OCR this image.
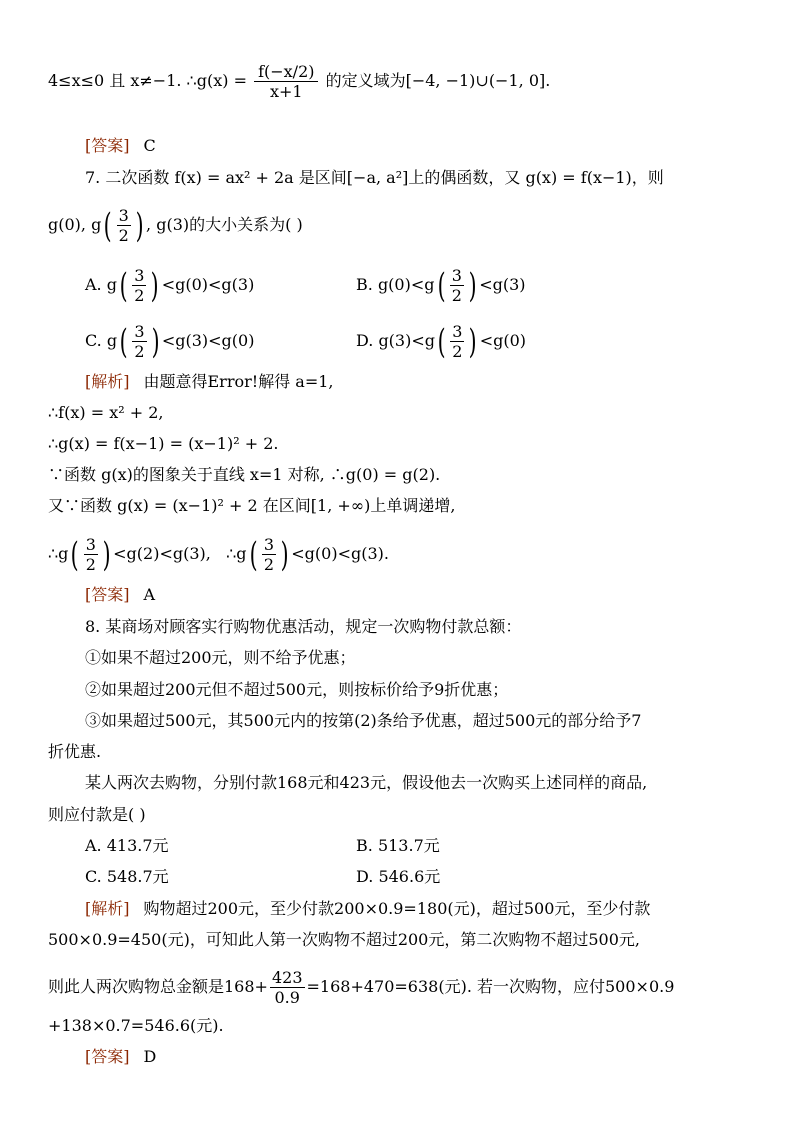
4≤x≤0 且 x≠−1. ∴g(x) = $\frac{f(-x/2)}{x+1}$ 的定义域为[−4, −1)∪(−1, 0].
[答案] C
7. 二次函数 f(x) = ax² + 2a 是区间[−a, a²]上的偶函数，又 g(x) = f(x−1)，则
g(0), $g( \frac{3}{2}$ ) , g(3)的大小关系为( )
A. $g( \frac{3}{2}$ ) <g(0)<g(3)	B. $g(0)<g( \frac{3}{2}$ ) <g(3)
C. $g( \frac{3}{2}$ ) <g(3)<g(0)	D. $g(3)<g( \frac{3}{2}$ ) <g(0)
[解析] 由题意得Error!解得 a=1,
∴f(x) = x² + 2,
∴g(x) = f(x−1) = (x−1)² + 2.
∵函数 g(x)的图象关于直线 x=1 对称, ∴g(0) = g(2).
又∵函数 g(x) = (x−1)² + 2 在区间[1, +∞)上单调递增,
∴g( $\frac{3}{2}$ ) <g(2)<g(3), ∴g( $\frac{3}{2}$ ) <g(0)<g(3).
[答案] A
8. 某商场对顾客实行购物优惠活动，规定一次购物付款总额：
①如果不超过200元，则不给予优惠；
②如果超过200元但不超过500元，则按标价给予9折优惠；
③如果超过500元，其500元内的按第(2)条给予优惠，超过500元的部分给予7
折优惠.
某人两次去购物，分别付款168元和423元，假设他去一次购买上述同样的商品,
则应付款是( )
A. 413.7元	B. 513.7元
C. 548.7元	D. 546.6元
[解析] 购物超过200元，至少付款200×0.9=180(元)，超过500元，至少付款
500×0.9=450(元)，可知此人第一次购物不超过200元，第二次购物不超过500元,
则此人两次购物总金额是$168+ \frac{423}{0.9} =168+470=638$(元). 若一次购物，应付500×0.9
+138×0.7=546.6(元).
[答案] D
